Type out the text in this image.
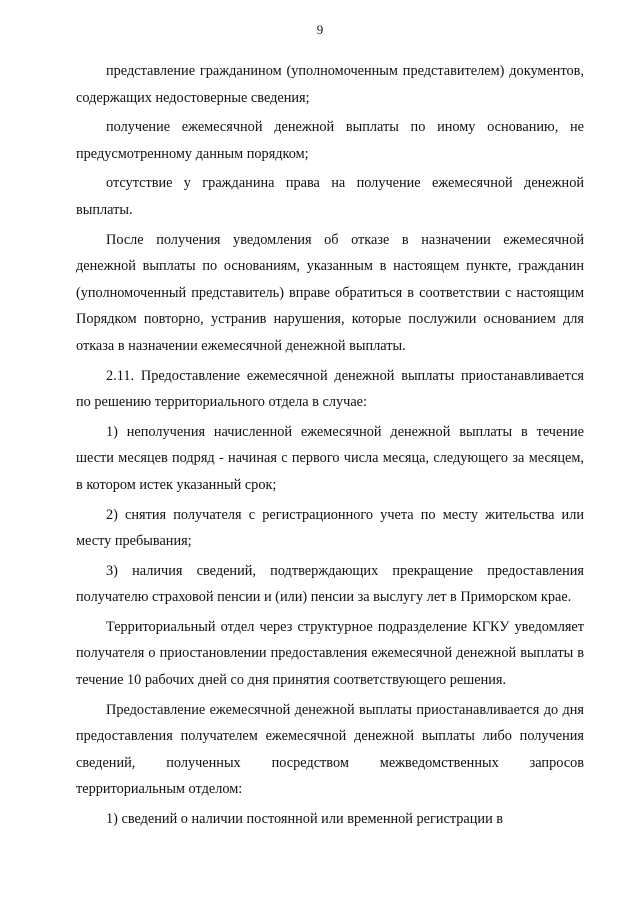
9

представление гражданином (уполномоченным представителем) документов, содержащих недостоверные сведения;

получение ежемесячной денежной выплаты по иному основанию, не предусмотренному данным порядком;

отсутствие у гражданина права на получение ежемесячной денежной выплаты.

После получения уведомления об отказе в назначении ежемесячной денежной выплаты по основаниям, указанным в настоящем пункте, гражданин (уполномоченный представитель) вправе обратиться в соответствии с настоящим Порядком повторно, устранив нарушения, которые послужили основанием для отказа в назначении ежемесячной денежной выплаты.

2.11. Предоставление ежемесячной денежной выплаты приостанавливается по решению территориального отдела в случае:

1) неполучения начисленной ежемесячной денежной выплаты в течение шести месяцев подряд - начиная с первого числа месяца, следующего за месяцем, в котором истек указанный срок;

2) снятия получателя с регистрационного учета по месту жительства или месту пребывания;

3) наличия сведений, подтверждающих прекращение предоставления получателю страховой пенсии и (или) пенсии за выслугу лет в Приморском крае.

Территориальный отдел через структурное подразделение КГКУ уведомляет получателя о приостановлении предоставления ежемесячной денежной выплаты в течение 10 рабочих дней со дня принятия соответствующего решения.

Предоставление ежемесячной денежной выплаты приостанавливается до дня предоставления получателем ежемесячной денежной выплаты либо получения сведений, полученных посредством межведомственных запросов территориальным отделом:

1) сведений о наличии постоянной или временной регистрации в
